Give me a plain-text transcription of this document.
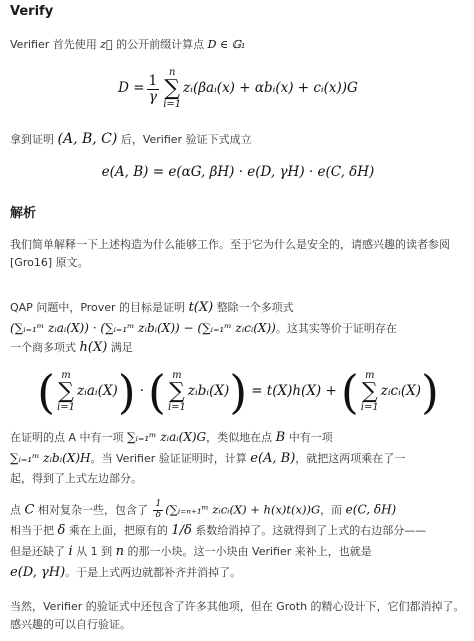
Verify
Verifier 首先使用 z⃗ 的公开前缀计算点 D ∈ 𝔾₁
$D = \frac{1}{\gamma}$
n
∑
i=1
zᵢ(βaᵢ(x) + αbᵢ(x) + cᵢ(x))G
拿到证明 (A, B, C) 后，Verifier 验证下式成立
e(A, B) = e(αG, βH) · e(D, γH) · e(C, δH)
解析
我们简单解释一下上述构造为什么能够工作。至于它为什么是安全的，请感兴趣的读者参阅 [Gro16] 原文。
QAP 问题中，Prover 的目标是证明 t(X) 整除一个多项式
(∑ᵢ₌₁ᵐ zᵢaᵢ(X)) · (∑ᵢ₌₁ᵐ zᵢbᵢ(X)) − (∑ᵢ₌₁ᵐ zᵢcᵢ(X))。这其实等价于证明存在
一个商多项式 h(X) 满足
( m
∑
i=1
zᵢaᵢ(X) ) · ( m
∑
i=1
zᵢbᵢ(X) ) = t(X)h(X) + ( m
∑
i=1
zᵢcᵢ(X) )
在证明的点 A 中有一项 ∑ᵢ₌₁ᵐ zᵢaᵢ(X)G，类似地在点 B 中有一项
∑ᵢ₌₁ᵐ zᵢbᵢ(X)H。当 Verifier 验证证明时，计算 e(A, B)，就把这两项乘在了一
起，得到了上式左边部分。
点 C 相对复杂一些，包含了 $\frac{1}{\delta}$ (∑ᵢ₌ₙ₊₁ᵐ zᵢcᵢ(X) + h(x)t(x))G，而 e(C, δH)
相当于把 δ 乘在上面，把原有的 1/δ 系数给消掉了。这就得到了上式的右边部分——
但是还缺了 i 从 1 到 n 的那一小块。这一小块由 Verifier 来补上，也就是
e(D, γH)。于是上式两边就都补齐并消掉了。
当然，Verifier 的验证式中还包含了许多其他项，但在 Groth 的精心设计下，它们都消掉了。感兴趣的可以自行验证。
